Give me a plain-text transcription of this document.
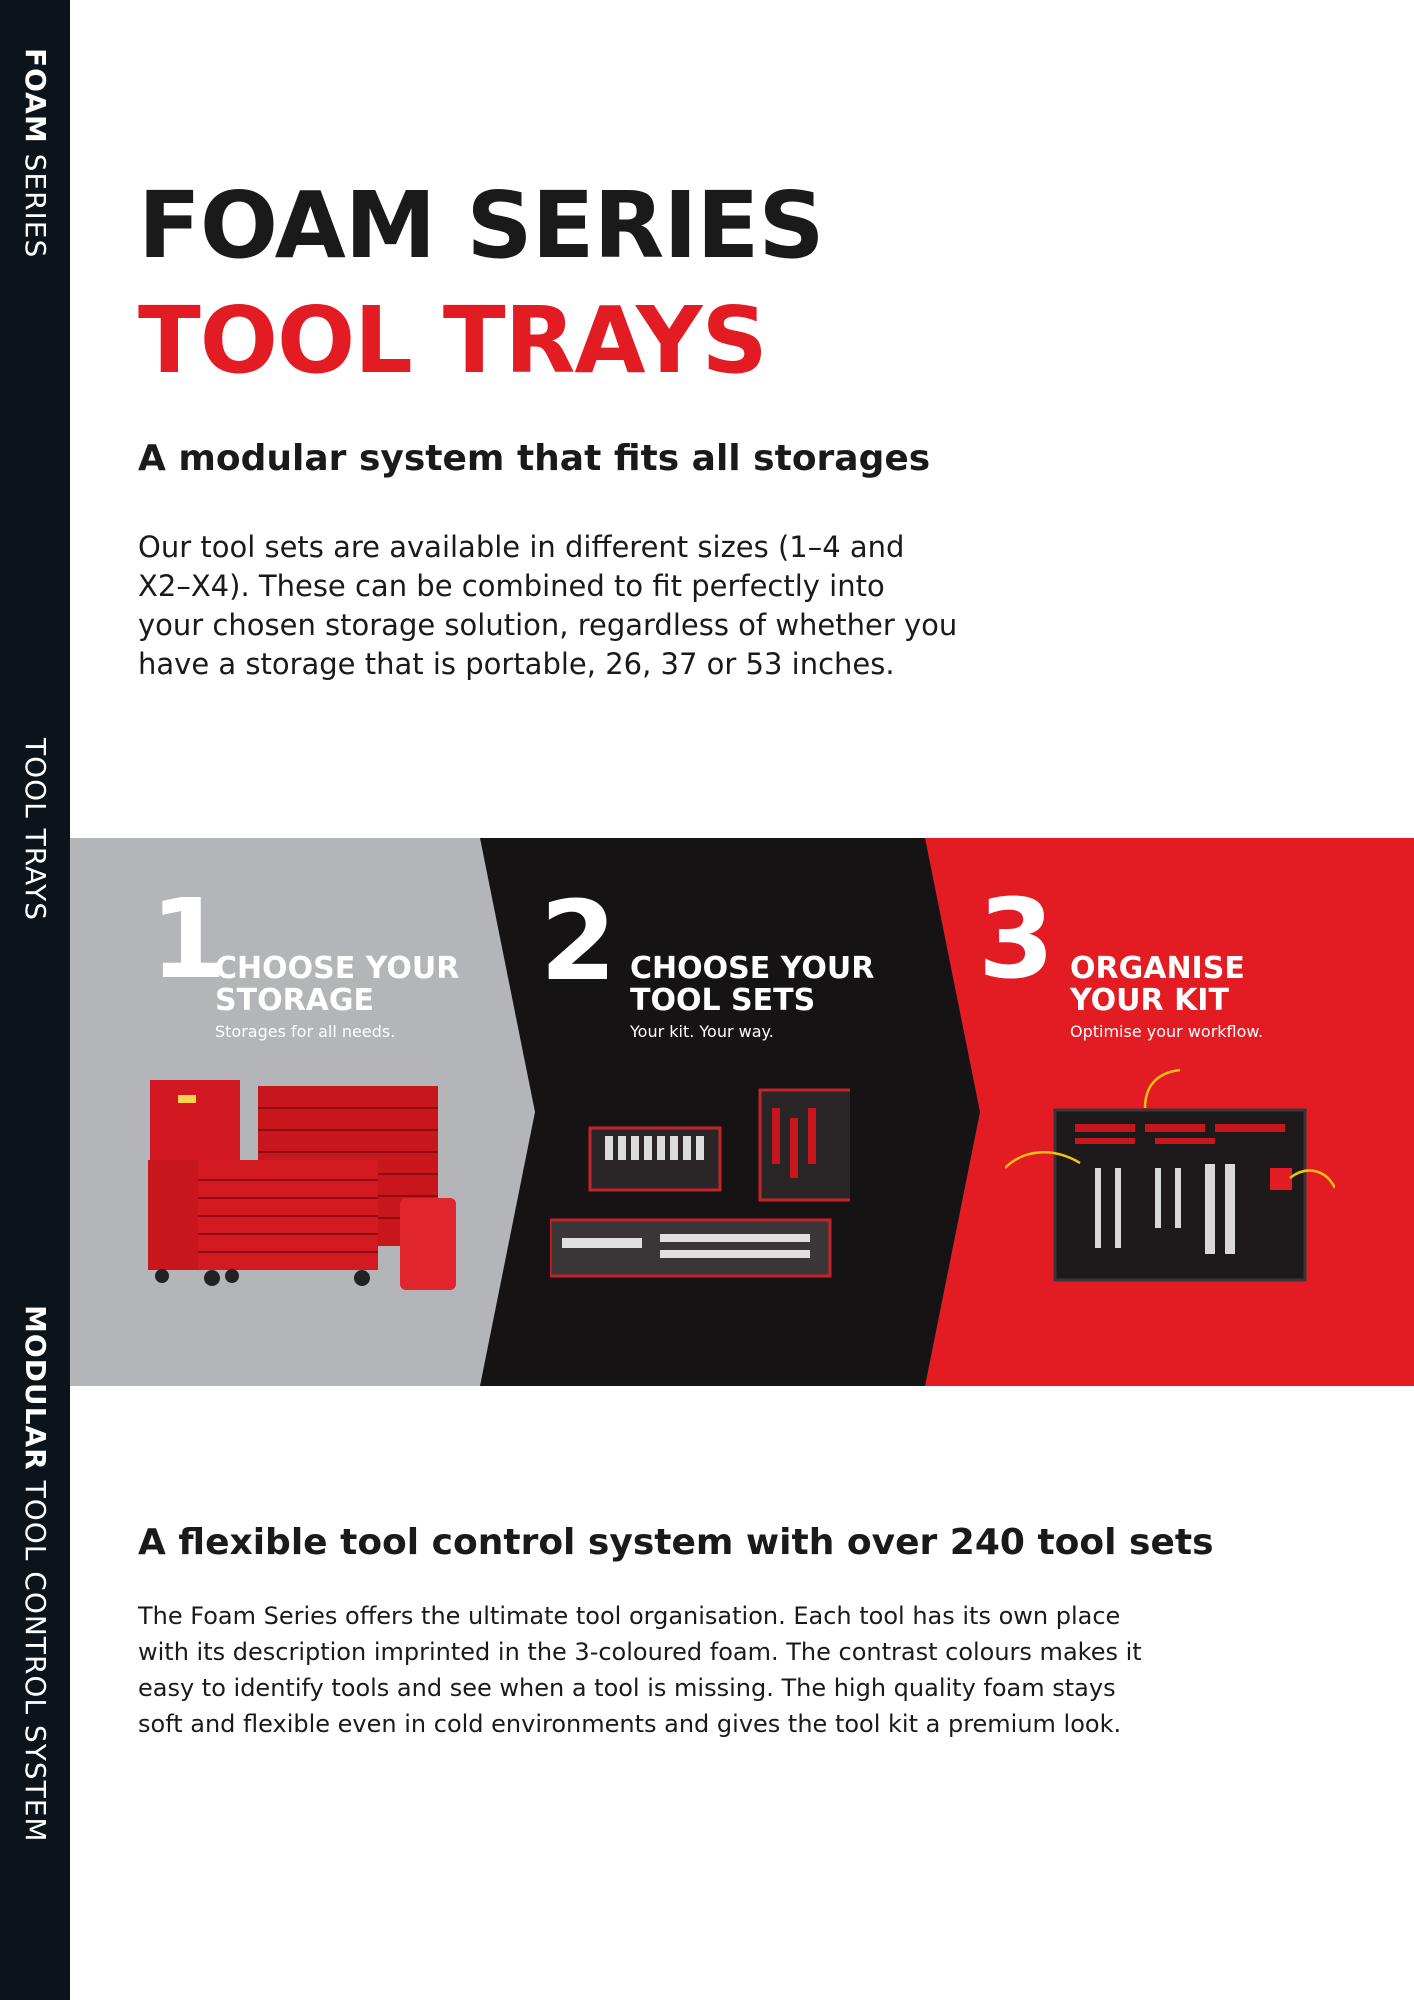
FOAM SERIES
TOOL TRAYS
MODULAR TOOL CONTROL SYSTEM
FOAM SERIES
TOOL TRAYS
A modular system that fits all storages

Our tool sets are available in different sizes (1–4 and X2–X4). These can be combined to fit perfectly into your chosen storage solution, regardless of whether you have a storage that is portable, 26, 37 or 53 inches.

1
CHOOSE YOUR
STORAGE
Storages for all needs.
2 CHOOSE YOUR
TOOL SETS
Your kit. Your way.
3 ORGANISE
YOUR KIT
Optimise your workflow.
A flexible tool control system with over 240 tool sets

The Foam Series offers the ultimate tool organisation. Each tool has its own place with its description imprinted in the 3-coloured foam. The contrast colours makes it easy to identify tools and see when a tool is missing. The high quality foam stays soft and flexible even in cold environments and gives the tool kit a premium look.
